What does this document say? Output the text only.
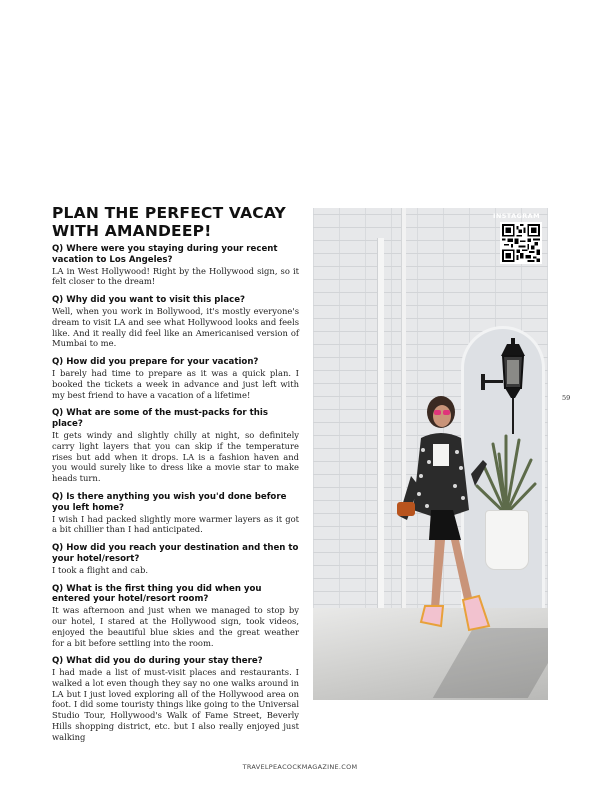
PLAN THE PERFECT VACAY
WITH AMANDEEP!

Q) Where were you staying during your recent vacation to Los Angeles?

LA in West Hollywood! Right by the Hollywood sign, so it felt closer to the dream!

Q) Why did you want to visit this place?

Well, when you work in Bollywood, it's mostly everyone's dream to visit LA and see what Hollywood looks and feels like. And it really did feel like an Americanised version of Mumbai to me.

Q) How did you prepare for your vacation?

I barely had time to prepare as it was a quick plan. I booked the tickets a week in advance and just left with my best friend to have a vacation of a lifetime!

Q) What are some of the must-packs for this place?

It gets windy and slightly chilly at night, so definitely carry light layers that you can skip if the temperature rises but add when it drops. LA is a fashion haven and you would surely like to dress like a movie star to make heads turn.

Q) Is there anything you wish you'd done before you left home?

I wish I had packed slightly more warmer layers as it got a bit chillier than I had anticipated.

Q) How did you reach your destination and then to your hotel/resort?

I took a flight and cab.

Q) What is the first thing you did when you entered your hotel/resort room?

It was afternoon and just when we managed to stop by our hotel, I stared at the Hollywood sign, took videos, enjoyed the beautiful blue skies and the great weather for a bit before settling into the room.

Q) What did you do during your stay there?

I had made a list of must-visit places and restaurants. I walked a lot even though they say no one walks around in LA but I just loved exploring all of the Hollywood area on foot. I did some touristy things like going to the Universal Studio Tour, Hollywood's Walk of Fame Street, Beverly Hills shopping district, etc. but I also really enjoyed just walking

INSTAGRAM

59

TRAVELPEACOCKMAGAZINE.COM
